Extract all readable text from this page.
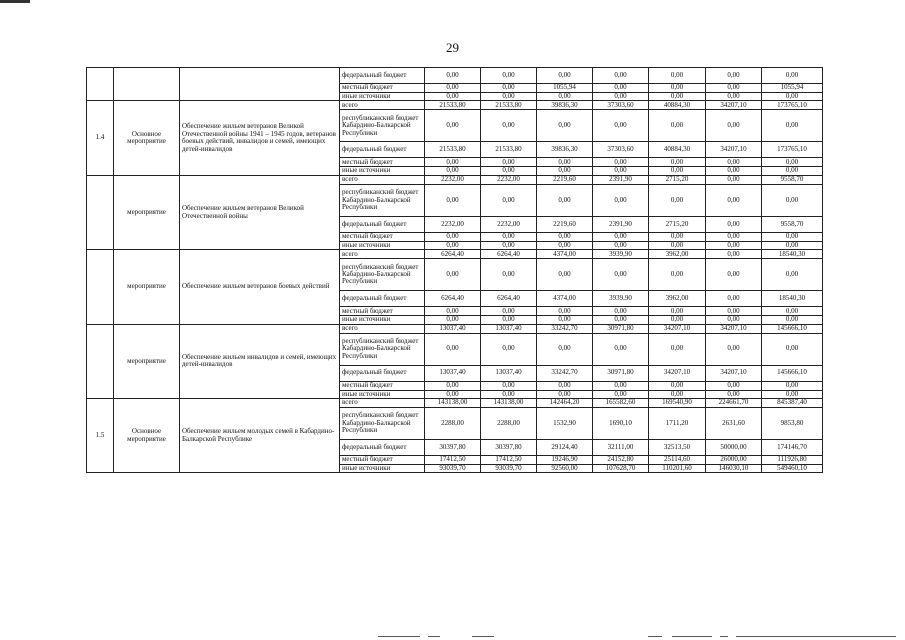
29
			федеральный бюджет	0,00	0,00	0,00	0,00	0,00	0,00	0,00
			местный бюджет	0,00	0,00	1055,94	0,00	0,00	0,00	1055,94
			иные источники	0,00	0,00	0,00	0,00	0,00	0,00	0,00
1.4	Основное мероприятие	Обеспечение жильем ветеранов Великой Отечественной войны 1941 – 1945 годов, ветеранов боевых действий, инвалидов и семей, имеющих детей-инвалидов	всего	21533,80	21533,80	39836,30	37303,60	40884,30	34207,10	173765,10
			республиканский бюджет Кабардино-Балкарской Республики	0,00	0,00	0,00	0,00	0,00	0,00	0,00
			федеральный бюджет	21533,80	21533,80	39836,30	37303,60	40884,30	34207,10	173765,10
			местный бюджет	0,00	0,00	0,00	0,00	0,00	0,00	0,00
			иные источники	0,00	0,00	0,00	0,00	0,00	0,00	0,00
	мероприятие	Обеспечение жильем ветеранов Великой Отечественной войны	всего	2232,00	2232,00	2219,60	2391,90	2715,20	0,00	9558,70
			республиканский бюджет Кабардино-Балкарской Республики	0,00	0,00	0,00	0,00	0,00	0,00	0,00
			федеральный бюджет	2232,00	2232,00	2219,60	2391,90	2715,20	0,00	9558,70
			местный бюджет	0,00	0,00	0,00	0,00	0,00	0,00	0,00
			иные источники	0,00	0,00	0,00	0,00	0,00	0,00	0,00
	мероприятие	Обеспечение жильем ветеранов боевых действий	всего	6264,40	6264,40	4374,00	3939,90	3962,00	0,00	18540,30
			республиканский бюджет Кабардино-Балкарской Республики	0,00	0,00	0,00	0,00	0,00	0,00	0,00
			федеральный бюджет	6264,40	6264,40	4374,00	3939,90	3962,00	0,00	18540,30
			местный бюджет	0,00	0,00	0,00	0,00	0,00	0,00	0,00
			иные источники	0,00	0,00	0,00	0,00	0,00	0,00	0,00
	мероприятие	Обеспечение жильем инвалидов и семей, имеющих детей-инвалидов	всего	13037,40	13037,40	33242,70	30971,80	34207,10	34207,10	145666,10
			республиканский бюджет Кабардино-Балкарской Республики	0,00	0,00	0,00	0,00	0,00	0,00	0,00
			федеральный бюджет	13037,40	13037,40	33242,70	30971,80	34207,10	34207,10	145666,10
			местный бюджет	0,00	0,00	0,00	0,00	0,00	0,00	0,00
			иные источники	0,00	0,00	0,00	0,00	0,00	0,00	0,00
1.5	Основное мероприятие	Обеспечение жильем молодых семей в Кабардино-Балкарской Республике	всего	143138,00	143138,00	142464,20	165582,60	169540,90	224661,70	845387,40
			республиканский бюджет Кабардино-Балкарской Республики	2288,00	2288,00	1532,90	1690,10	1711,20	2631,60	9853,80
			федеральный бюджет	30397,80	30397,80	29124,40	32111,00	32513,50	50000,00	174146,70
			местный бюджет	17412,50	17412,50	19246,90	24152,80	25114,60	26000,00	111926,80
			иные источники	93039,70	93039,70	92560,00	107628,70	110201,60	146030,10	549460,10
